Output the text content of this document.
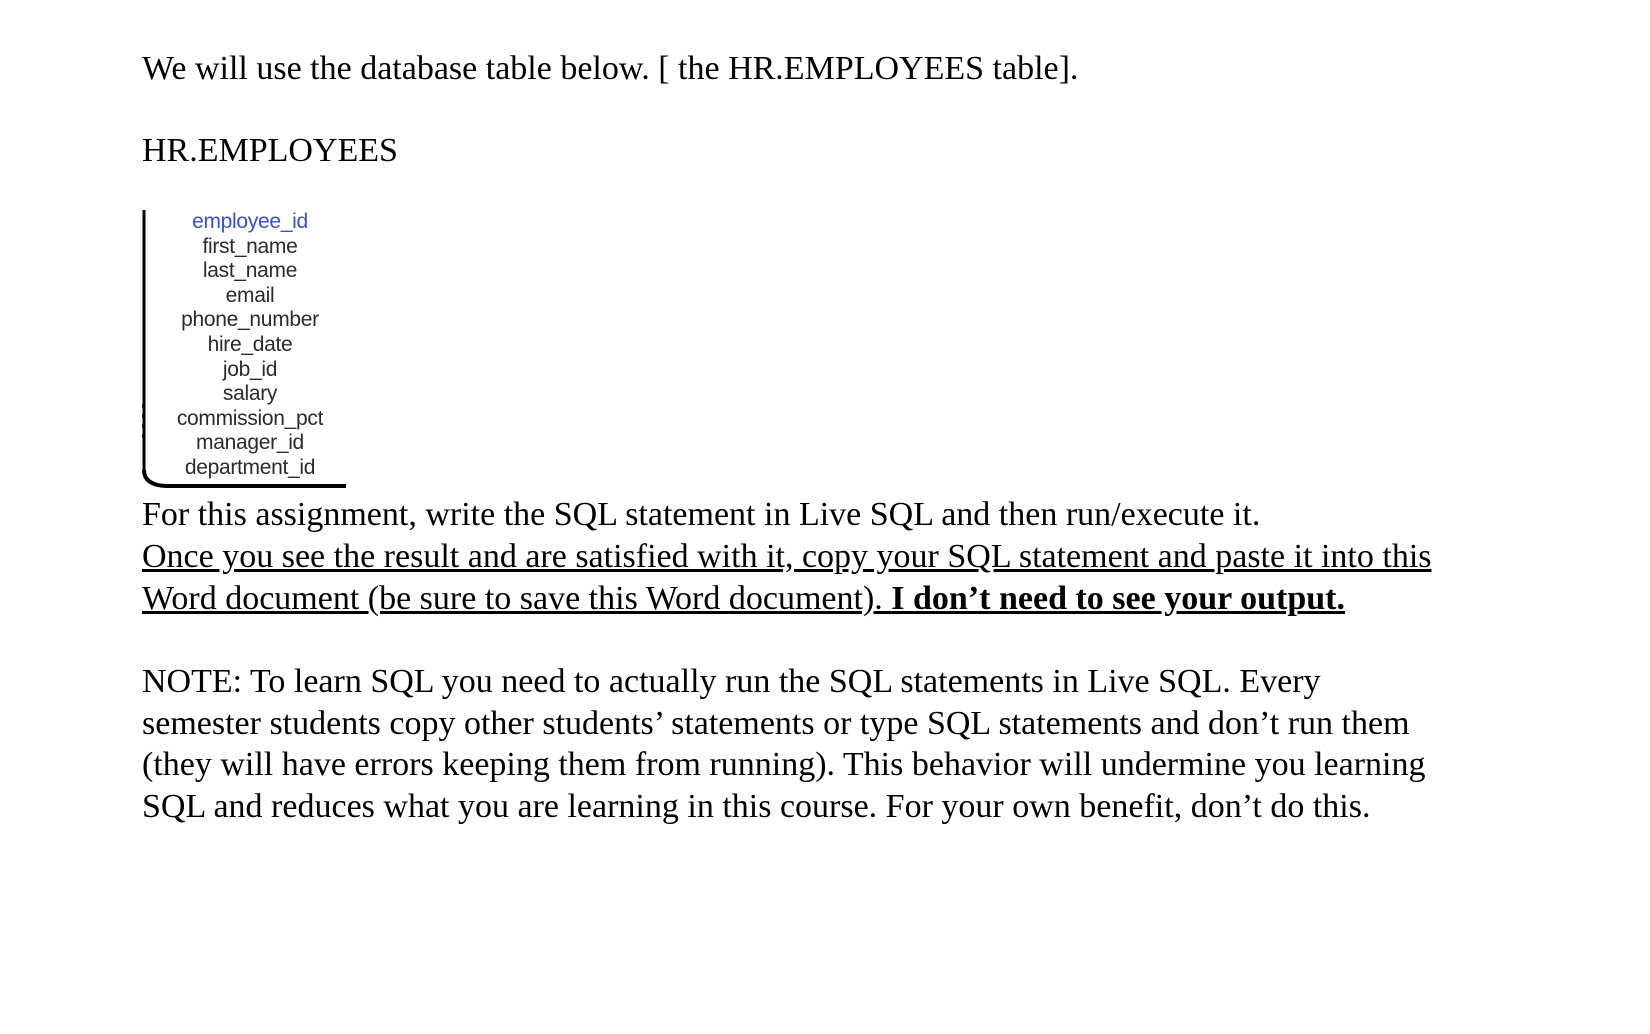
We will use the database table below. [ the HR.EMPLOYEES table].
HR.EMPLOYEES
employee_id
first_name
last_name
email
phone_number
hire_date
job_id
salary
commission_pct
manager_id
department_id
For this assignment, write the SQL statement in Live SQL and then run/execute it.
Once you see the result and are satisfied with it, copy your SQL statement and paste it into this
Word document (be sure to save this Word document). I don’t need to see your output.
NOTE: To learn SQL you need to actually run the SQL statements in Live SQL. Every
semester students copy other students’ statements or type SQL statements and don’t run them
(they will have errors keeping them from running). This behavior will undermine you learning
SQL and reduces what you are learning in this course. For your own benefit, don’t do this.
